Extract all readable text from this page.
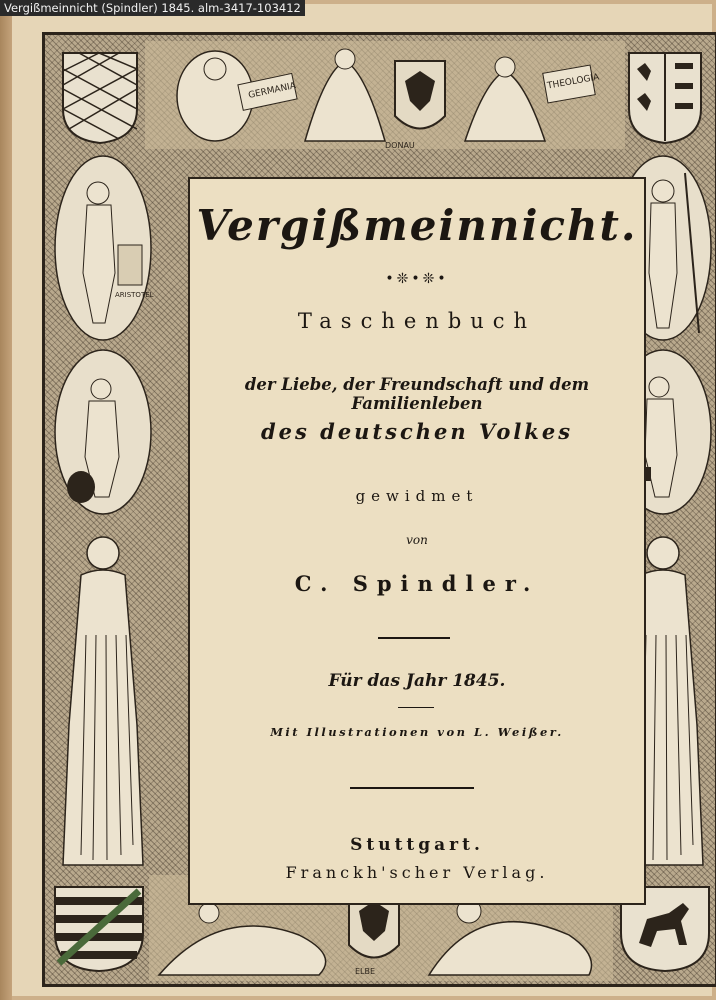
Vergißmeinnicht (Spindler) 1845. alm-3417-103412
GERMANIA	THEOLOGIA
ARISTOTEL
ELBE
DONAU
Vergißmeinnicht.
•❊•❊•
Taschenbuch
der Liebe, der Freundschaft und dem Familienleben
des deutschen Volkes
gewidmet
von
C. Spindler.
Für das Jahr 1845.
Mit Illustrationen von L. Weißer.
Stuttgart.
Franckh'scher Verlag.
